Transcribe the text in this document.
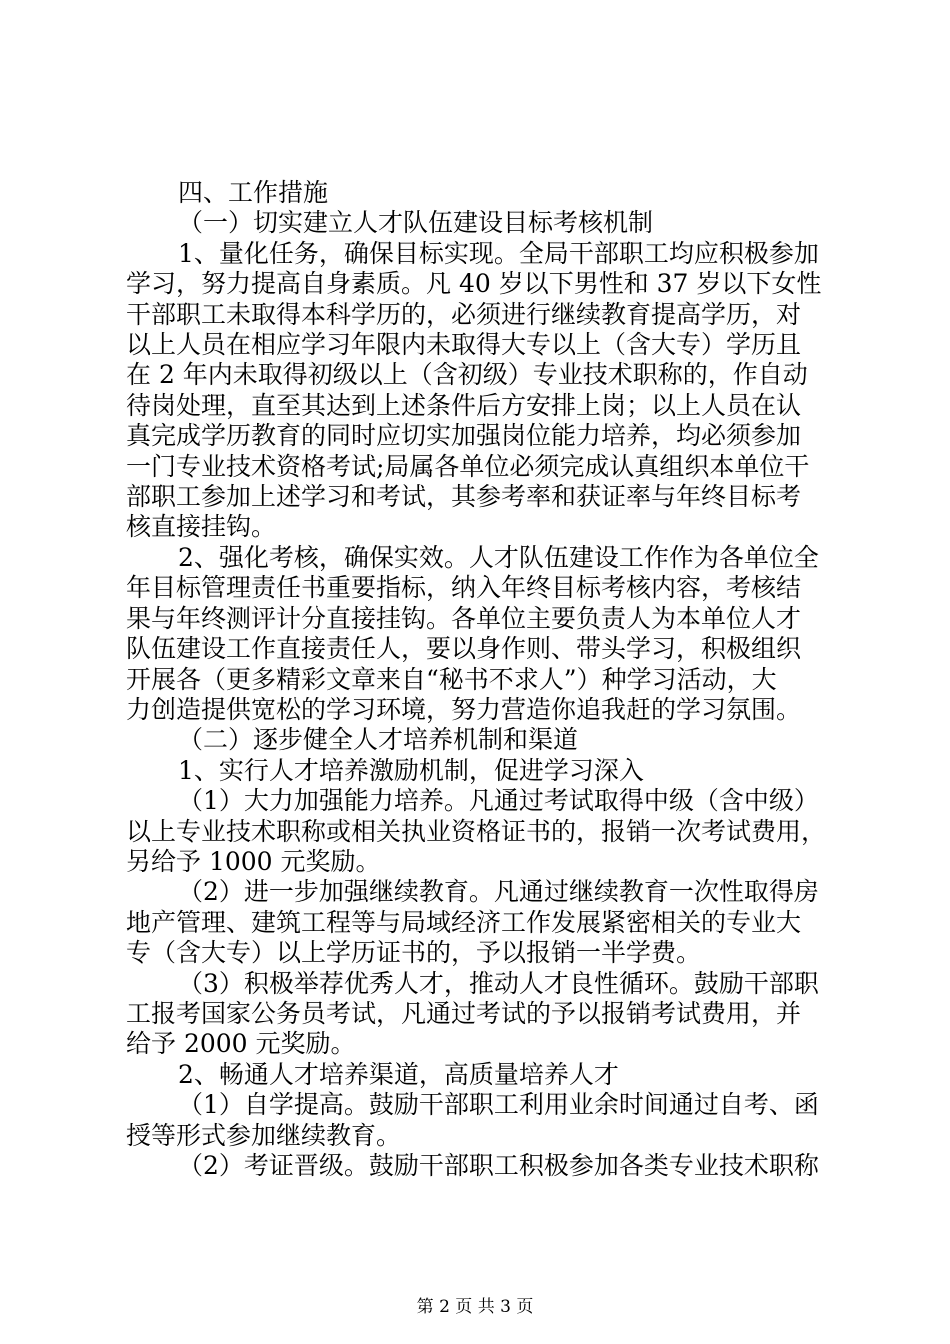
四、工作措施
（一）切实建立人才队伍建设目标考核机制
1、量化任务，确保目标实现。全局干部职工均应积极参加
学习，努力提高自身素质。凡 40 岁以下男性和 37 岁以下女性
干部职工未取得本科学历的，必须进行继续教育提高学历，对
以上人员在相应学习年限内未取得大专以上（含大专）学历且
在 2 年内未取得初级以上（含初级）专业技术职称的，作自动
待岗处理，直至其达到上述条件后方安排上岗；以上人员在认
真完成学历教育的同时应切实加强岗位能力培养，均必须参加
一门专业技术资格考试;局属各单位必须完成认真组织本单位干
部职工参加上述学习和考试，其参考率和获证率与年终目标考
核直接挂钩。
2、强化考核，确保实效。人才队伍建设工作作为各单位全
年目标管理责任书重要指标，纳入年终目标考核内容，考核结
果与年终测评计分直接挂钩。各单位主要负责人为本单位人才
队伍建设工作直接责任人，要以身作则、带头学习，积极组织
开展各（更多精彩文章来自“秘书不求人”）种学习活动，大
力创造提供宽松的学习环境，努力营造你追我赶的学习氛围。
（二）逐步健全人才培养机制和渠道
1、实行人才培养激励机制，促进学习深入
（1）大力加强能力培养。凡通过考试取得中级（含中级）
以上专业技术职称或相关执业资格证书的，报销一次考试费用，
另给予 1000 元奖励。
（2）进一步加强继续教育。凡通过继续教育一次性取得房
地产管理、建筑工程等与局域经济工作发展紧密相关的专业大
专（含大专）以上学历证书的，予以报销一半学费。
（3）积极举荐优秀人才，推动人才良性循环。鼓励干部职
工报考国家公务员考试，凡通过考试的予以报销考试费用，并
给予 2000 元奖励。
2、畅通人才培养渠道，高质量培养人才
（1）自学提高。鼓励干部职工利用业余时间通过自考、函
授等形式参加继续教育。
（2）考证晋级。鼓励干部职工积极参加各类专业技术职称
第 2 页 共 3 页
